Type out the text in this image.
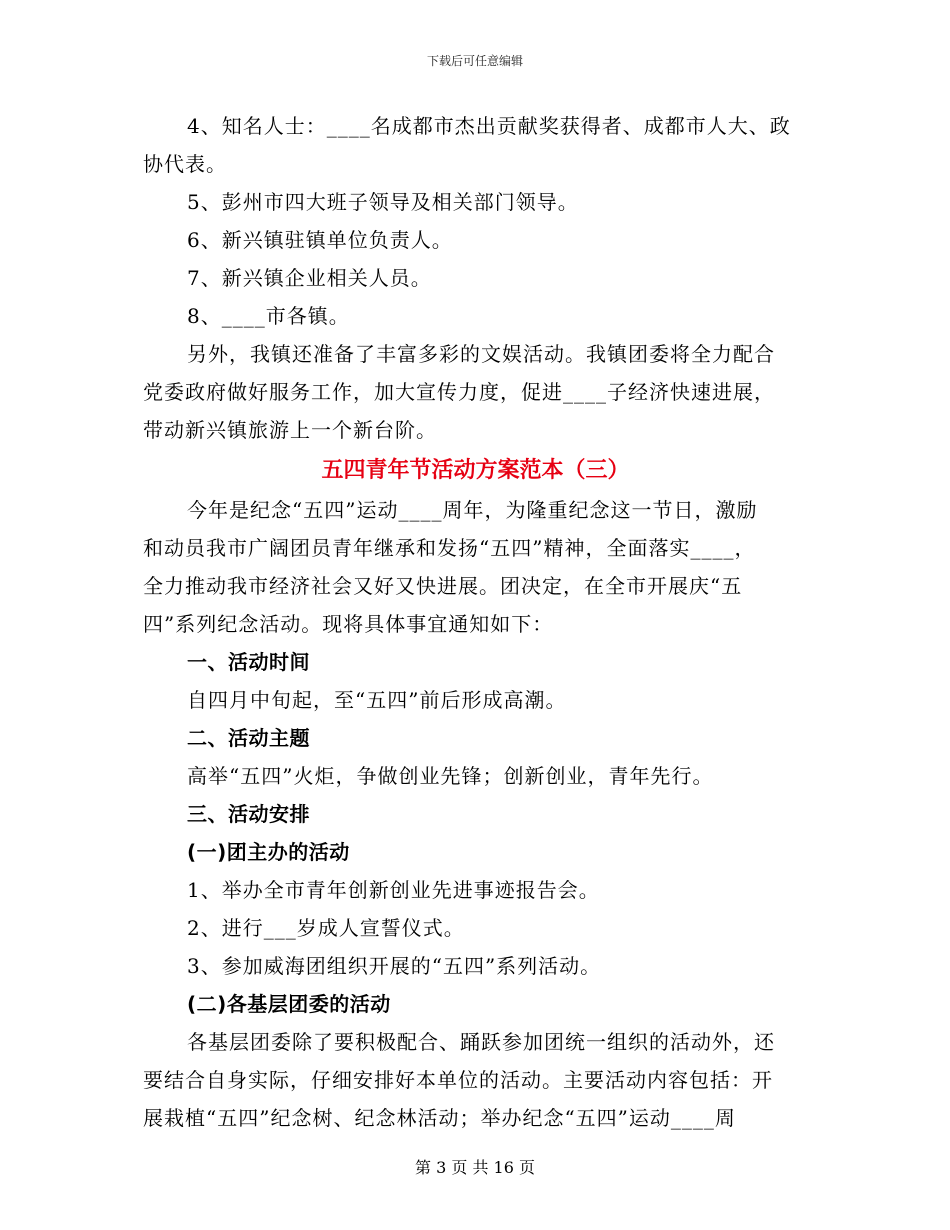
下载后可任意编辑
4、知名人士：____名成都市杰出贡献奖获得者、成都市人大、政
协代表。
5、彭州市四大班子领导及相关部门领导。
6、新兴镇驻镇单位负责人。
7、新兴镇企业相关人员。
8、____市各镇。
另外，我镇还准备了丰富多彩的文娱活动。我镇团委将全力配合
党委政府做好服务工作，加大宣传力度，促进____子经济快速进展，
带动新兴镇旅游上一个新台阶。
五四青年节活动方案范本（三）
今年是纪念“五四”运动____周年，为隆重纪念这一节日，激励
和动员我市广阔团员青年继承和发扬“五四”精神，全面落实____，
全力推动我市经济社会又好又快进展。团决定，在全市开展庆“五
四”系列纪念活动。现将具体事宜通知如下：
一、活动时间
自四月中旬起，至“五四”前后形成高潮。
二、活动主题
高举“五四”火炬，争做创业先锋；创新创业，青年先行。
三、活动安排
(一)团主办的活动
1、举办全市青年创新创业先进事迹报告会。
2、进行___岁成人宣誓仪式。
3、参加威海团组织开展的“五四”系列活动。
(二)各基层团委的活动
各基层团委除了要积极配合、踊跃参加团统一组织的活动外，还
要结合自身实际，仔细安排好本单位的活动。主要活动内容包括：开
展栽植“五四”纪念树、纪念林活动；举办纪念“五四”运动____周
第 3 页 共 16 页
